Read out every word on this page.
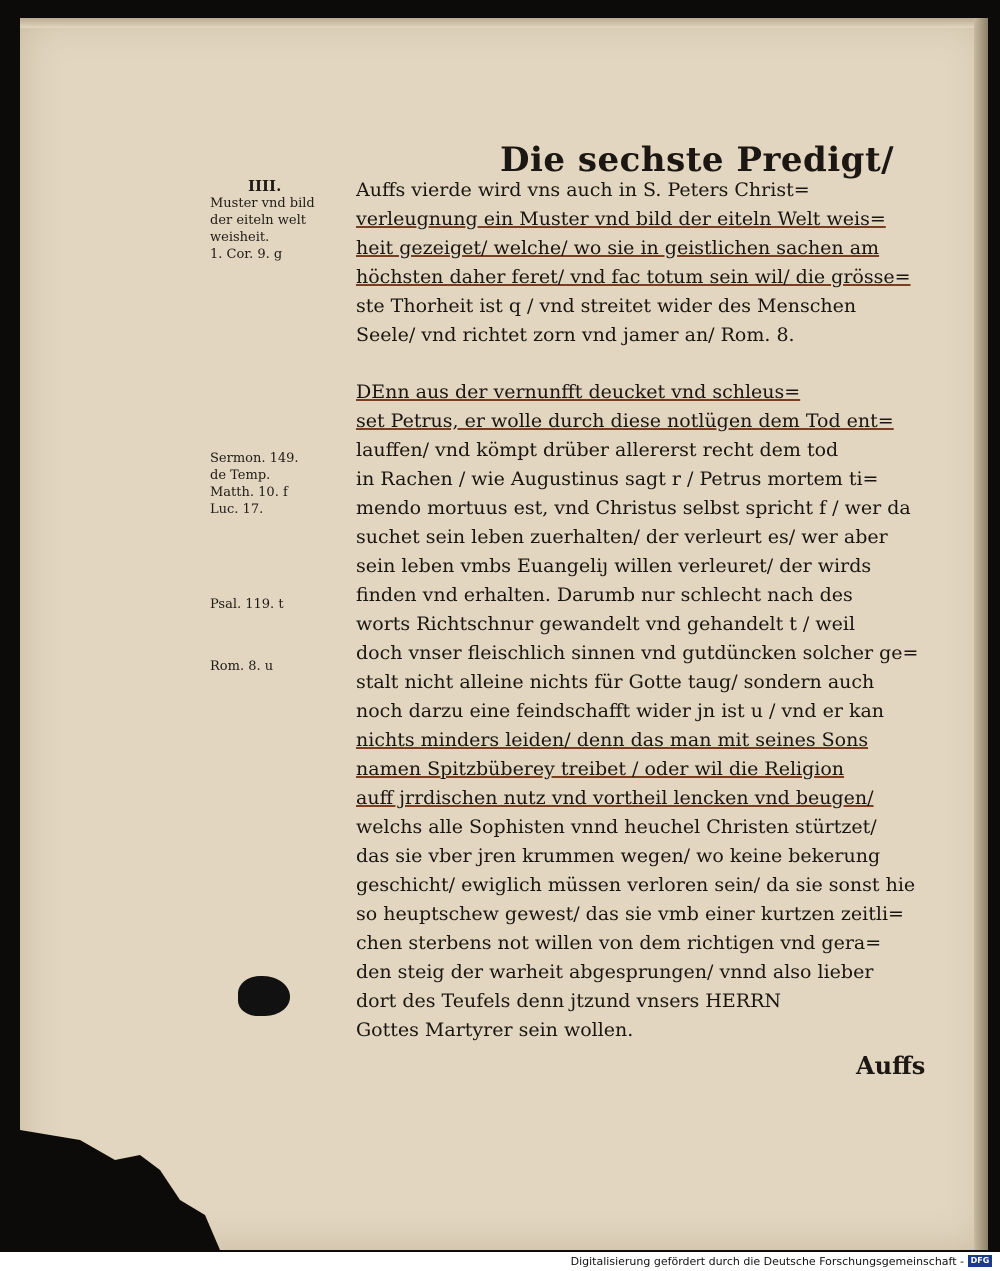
Die sechste Predigt/
IIII.
Muster vnd bild
der eiteln welt
weisheit.
1. Cor. 9. g
Sermon. 149.
de Temp.
Matth. 10. f
Luc. 17.
Psal. 119. t
Rom. 8. u
Auffs vierde wird vns auch in S. Peters Christ=
verleugnung ein Muster vnd bild der eiteln Welt weis=
heit gezeiget/ welche/ wo sie in geistlichen sachen am
höchsten daher feret/ vnd fac totum sein wil/ die grösse=
ste Thorheit ist q / vnd streitet wider des Menschen
Seele/ vnd richtet zorn vnd jamer an/ Rom. 8.
DEnn aus der vernunfft deucket vnd schleus=
set Petrus, er wolle durch diese notlügen dem Tod ent=
lauffen/ vnd kömpt drüber allererst recht dem tod
in Rachen / wie Augustinus sagt r / Petrus mortem ti=
mendo mortuus est, vnd Christus selbst spricht f / wer da
suchet sein leben zuerhalten/ der verleurt es/ wer aber
sein leben vmbs Euangeliȷ willen verleuret/ der wirds
finden vnd erhalten. Darumb nur schlecht nach des
worts Richtschnur gewandelt vnd gehandelt t / weil
doch vnser fleischlich sinnen vnd gutdüncken solcher ge=
stalt nicht alleine nichts für Gotte taug/ sondern auch
noch darzu eine feindschafft wider jn ist u / vnd er kan
nichts minders leiden/ denn das man mit seines Sons
namen Spitzbüberey treibet / oder wil die Religion
auff jrrdischen nutz vnd vortheil lencken vnd beugen/
welchs alle Sophisten vnnd heuchel Christen stürtzet/
das sie vber jren krummen wegen/ wo keine bekerung
geschicht/ ewiglich müssen verloren sein/ da sie sonst hie
so heuptschew gewest/ das sie vmb einer kurtzen zeitli=
chen sterbens not willen von dem richtigen vnd gera=
den steig der warheit abgesprungen/ vnnd also lieber
dort des Teufels denn jtzund vnsers HERRN
Gottes Martyrer sein wollen.
Auffs
Digitalisierung gefördert durch die Deutsche Forschungsgemeinschaft - DFG
